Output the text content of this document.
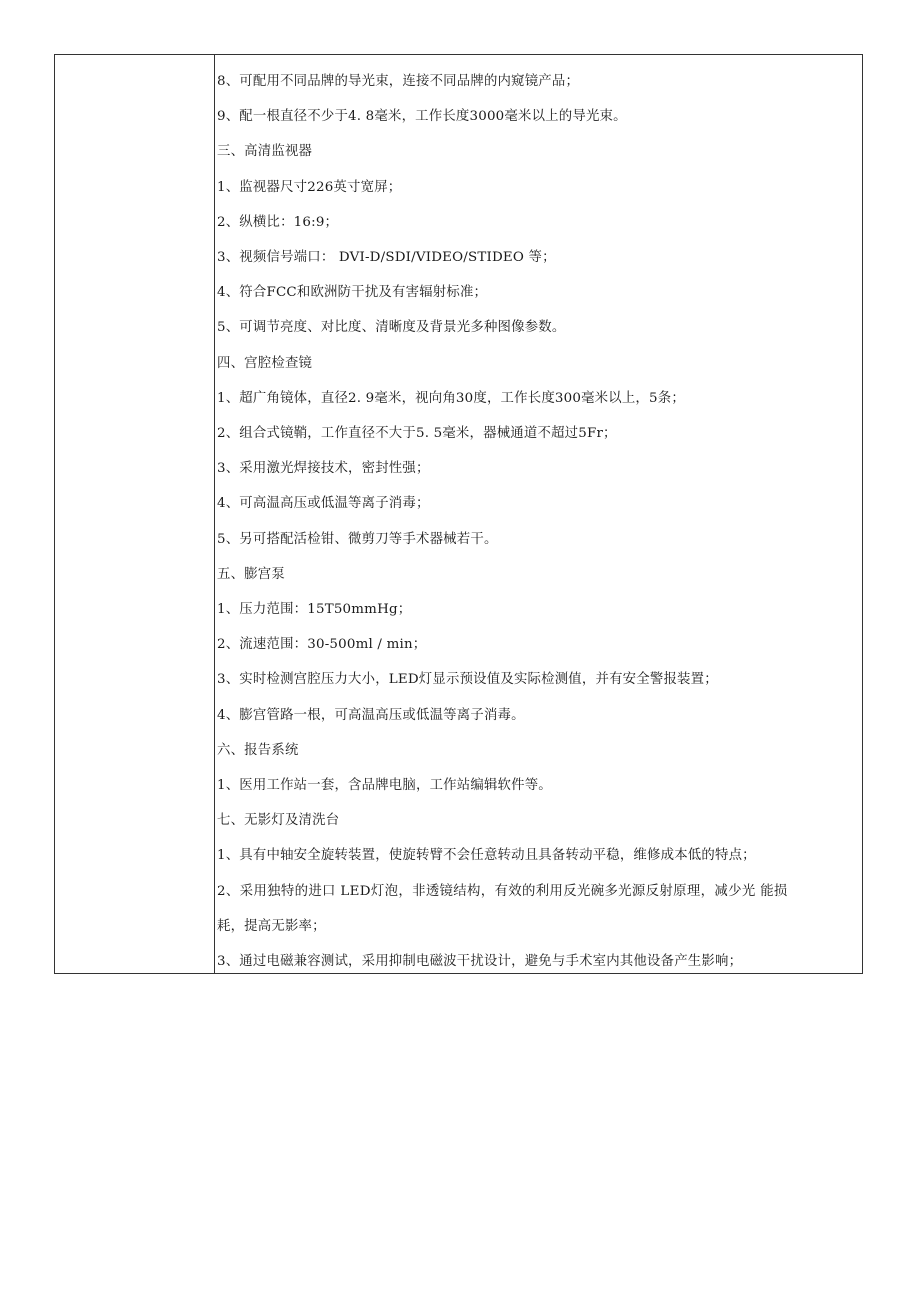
8、可配用不同品牌的导光束，连接不同品牌的内窥镜产品；
9、配一根直径不少于4. 8毫米，工作长度3000毫米以上的导光束。
三、高清监视器
1、监视器尺寸226英寸宽屏；
2、纵横比：16:9；
3、视频信号端口： DVI-D/SDI/VIDEO/STIDEO 等；
4、符合FCC和欧洲防干扰及有害辐射标准；
5、可调节亮度、对比度、清晰度及背景光多种图像参数。
四、宫腔检查镜
1、超广角镜体，直径2. 9毫米，视向角30度，工作长度300毫米以上，5条；
2、组合式镜鞘，工作直径不大于5. 5毫米，器械通道不超过5Fr；
3、采用激光焊接技术，密封性强；
4、可高温高压或低温等离子消毒；
5、另可搭配活检钳、微剪刀等手术器械若干。
五、膨宫泵
1、压力范围：15T50mmHg；
2、流速范围：30-500ml / min；
3、实时检测宫腔压力大小，LED灯显示预设值及实际检测值，并有安全警报装置；
4、膨宫管路一根，可高温高压或低温等离子消毒。
六、报告系统
1、医用工作站一套，含品牌电脑，工作站编辑软件等。
七、无影灯及清洗台
1、具有中轴安全旋转装置，使旋转臂不会任意转动且具备转动平稳，维修成本低的特点；
2、采用独特的进口 LED灯泡，非透镜结构，有效的利用反光碗多光源反射原理，减少光 能损
耗，提高无影率；
3、通过电磁兼容测试，采用抑制电磁波干扰设计，避免与手术室内其他设备产生影响；
